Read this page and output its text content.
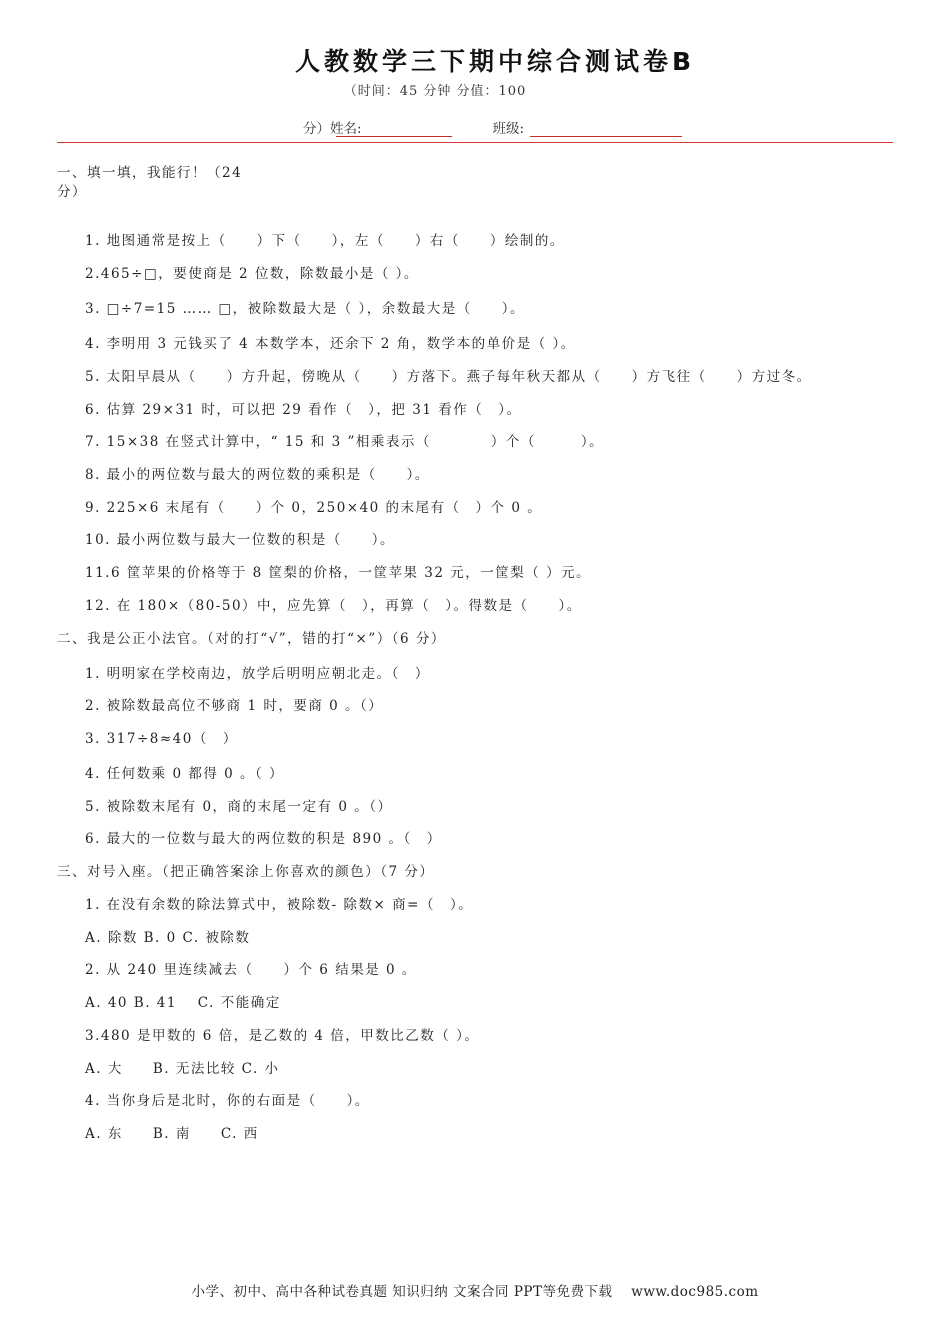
人教数学三下期中综合测试卷B
（时间：45 分钟 分值：100
分）姓名:	班级:
一、填一填，我能行！（24
分）
1. 地图通常是按上（　　）下（　　），左（　　）右（　　）绘制的。
2.465÷□，要使商是 2 位数，除数最小是（ ）。
3. □÷7=15 …… □，被除数最大是（ ），余数最大是（　　）。
4. 李明用 3 元钱买了 4 本数学本，还余下 2 角，数学本的单价是（ ）。
5. 太阳早晨从（　　）方升起，傍晚从（　　）方落下。燕子每年秋天都从（　　）方飞往（　　）方过冬。
6. 估算 29×31 时，可以把 29 看作（　），把 31 看作（　）。
7. 15×38 在竖式计算中，“ 15 和 3 ”相乘表示（　　　　）个（　　　）。
8. 最小的两位数与最大的两位数的乘积是（　　）。
9. 225×6 末尾有（　　）个 0，250×40 的末尾有（　）个 0 。
10. 最小两位数与最大一位数的积是（　　）。
11.6 筐苹果的价格等于 8 筐梨的价格，一筐苹果 32 元，一筐梨（ ）元。
12. 在 180×（80-50）中，应先算（　），再算（　）。得数是（　　）。
二、我是公正小法官。（对的打“√”，错的打“×”）（6 分）
1. 明明家在学校南边，放学后明明应朝北走。（　）
2. 被除数最高位不够商 1 时，要商 0 。（）
3. 317÷8≈40（　）
4. 任何数乘 0 都得 0 。（ ）
5. 被除数末尾有 0，商的末尾一定有 0 。（）
6. 最大的一位数与最大的两位数的积是 890 。（　）
三、对号入座。（把正确答案涂上你喜欢的颜色）（7 分）
1. 在没有余数的除法算式中，被除数- 除数× 商=（　）。
A. 除数 B. 0 C. 被除数
2. 从 240 里连续减去（　　）个 6 结果是 0 。
A. 40 B. 41　 C. 不能确定
3.480 是甲数的 6 倍，是乙数的 4 倍，甲数比乙数（ ）。
A. 大　　B. 无法比较 C. 小
4. 当你身后是北时，你的右面是（　　）。
A. 东　　B. 南　　C. 西
小学、初中、高中各种试卷真题 知识归纳 文案合同 PPT等免费下载　 www.doc985.com
